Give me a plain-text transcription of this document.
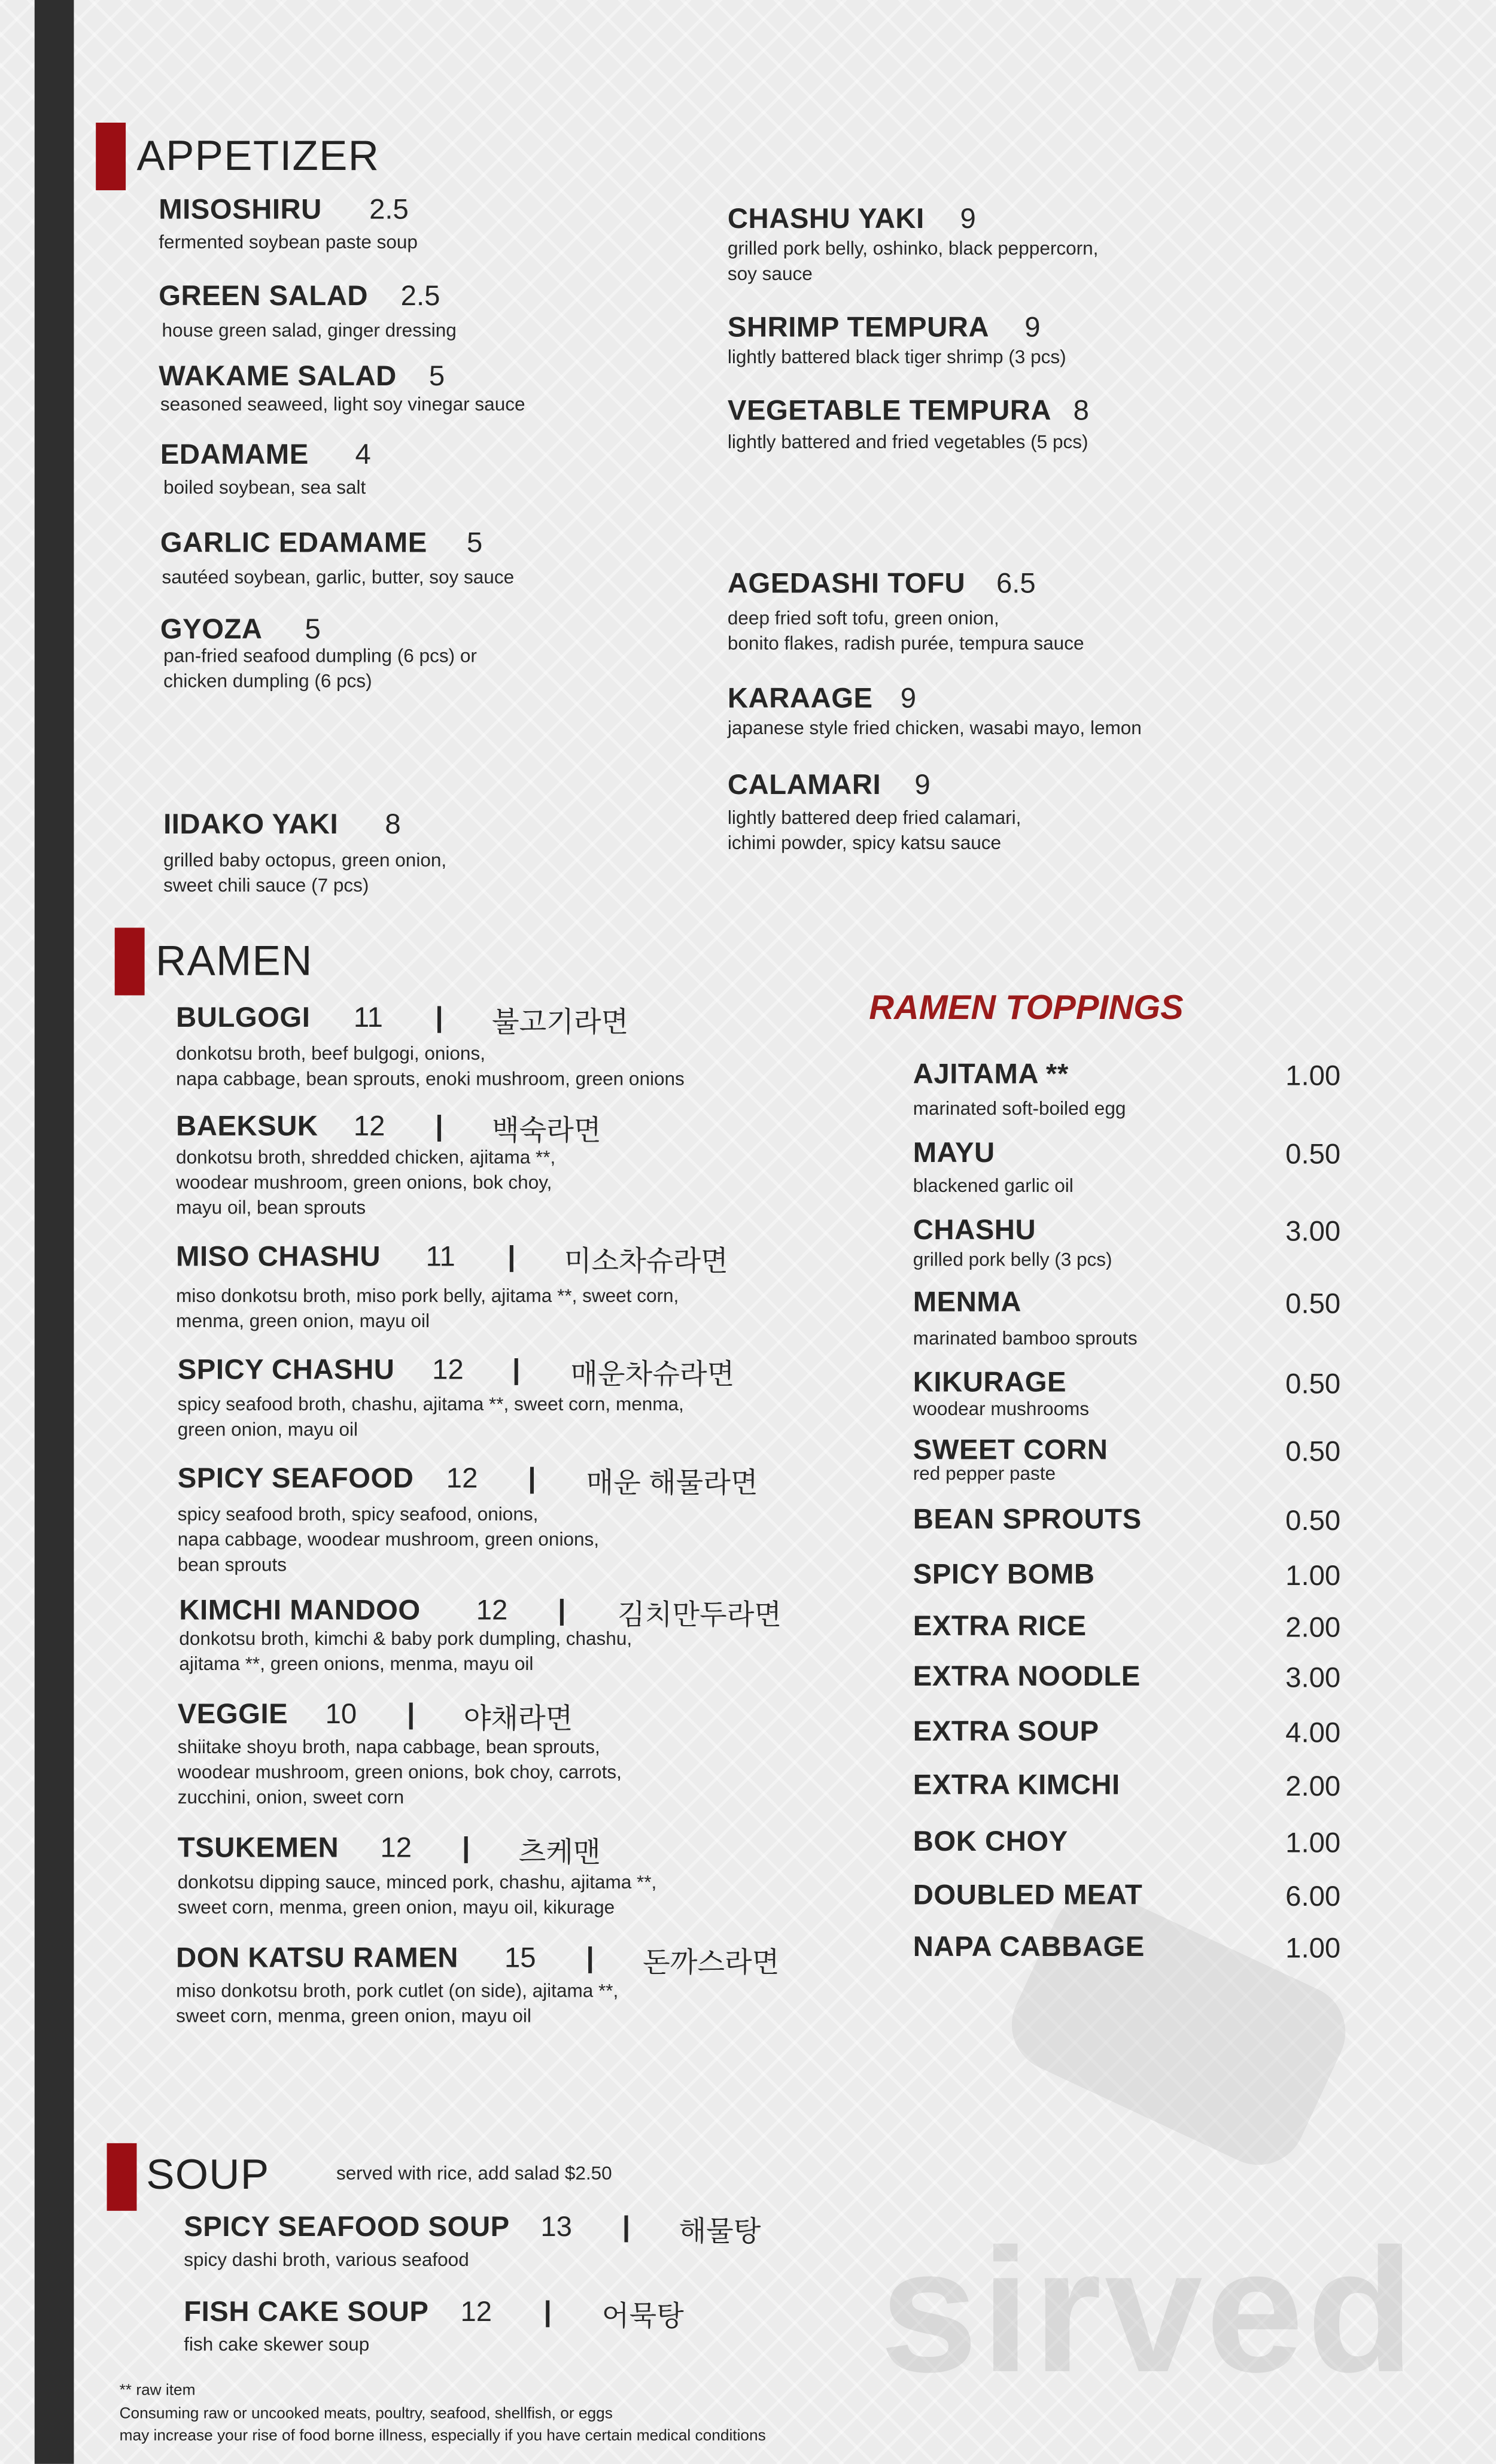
APPETIZER
RAMEN
RAMEN TOPPINGS
SOUP	served with rice, add salad $2.50
sirved
MISOSHIRU	2.5
fermented soybean paste soup
GREEN SALAD	2.5
house green salad, ginger dressing
WAKAME SALAD	5
seasoned seaweed, light soy vinegar sauce
EDAMAME	4
boiled soybean, sea salt
GARLIC EDAMAME	5
sautéed soybean, garlic, butter, soy sauce
GYOZA	5
pan-fried seafood dumpling (6 pcs) or
chicken dumpling (6 pcs)
IIDAKO YAKI	8
grilled baby octopus, green onion,
sweet chili sauce (7 pcs)
CHASHU YAKI	9
grilled pork belly, oshinko, black peppercorn,
soy sauce
SHRIMP TEMPURA	9
lightly battered black tiger shrimp (3 pcs)
VEGETABLE TEMPURA 8
lightly battered and fried vegetables (5 pcs)
AGEDASHI TOFU	6.5
deep fried soft tofu, green onion,
bonito flakes, radish purée, tempura sauce
KARAAGE	9
japanese style fried chicken, wasabi mayo, lemon
CALAMARI	9
lightly battered deep fried calamari,
ichimi powder, spicy katsu sauce
BULGOGI	11	|	불고기라면
donkotsu broth, beef bulgogi, onions,
napa cabbage, bean sprouts, enoki mushroom, green onions
BAEKSUK	12	|	백숙라면
donkotsu broth, shredded chicken, ajitama **,
woodear mushroom, green onions, bok choy,
mayu oil, bean sprouts
MISO CHASHU	11	|	미소차슈라면
miso donkotsu broth, miso pork belly, ajitama **, sweet corn,
menma, green onion, mayu oil
SPICY CHASHU	12	|	매운차슈라면
spicy seafood broth, chashu, ajitama **, sweet corn, menma,
green onion, mayu oil
SPICY SEAFOOD	12	|	매운 해물라면
spicy seafood broth, spicy seafood, onions,
napa cabbage, woodear mushroom, green onions,
bean sprouts
KIMCHI MANDOO	12	|	김치만두라면
donkotsu broth, kimchi & baby pork dumpling, chashu,
ajitama **, green onions, menma, mayu oil
VEGGIE	10	|	야채라면
shiitake shoyu broth, napa cabbage, bean sprouts,
woodear mushroom, green onions, bok choy, carrots,
zucchini, onion, sweet corn
TSUKEMEN	12	|	츠케맨
donkotsu dipping sauce, minced pork, chashu, ajitama **,
sweet corn, menma, green onion, mayu oil, kikurage
DON KATSU RAMEN	15	|	돈까스라면
miso donkotsu broth, pork cutlet (on side), ajitama **,
sweet corn, menma, green onion, mayu oil
SPICY SEAFOOD SOUP	13	|	해물탕
spicy dashi broth, various seafood
FISH CAKE SOUP	12	|	어묵탕
fish cake skewer soup
AJITAMA **	1.00
marinated soft-boiled egg
MAYU	0.50
blackened garlic oil
CHASHU	3.00
grilled pork belly (3 pcs)
MENMA	0.50
marinated bamboo sprouts
KIKURAGE	0.50
woodear mushrooms
SWEET CORN	0.50
red pepper paste
BEAN SPROUTS	0.50
SPICY BOMB	1.00
EXTRA RICE	2.00
EXTRA NOODLE	3.00
EXTRA SOUP	4.00
EXTRA KIMCHI	2.00
BOK CHOY	1.00
DOUBLED MEAT	6.00
NAPA CABBAGE	1.00
** raw item
Consuming raw or uncooked meats, poultry, seafood, shellfish, or eggs
may increase your rise of food borne illness, especially if you have certain medical conditions
